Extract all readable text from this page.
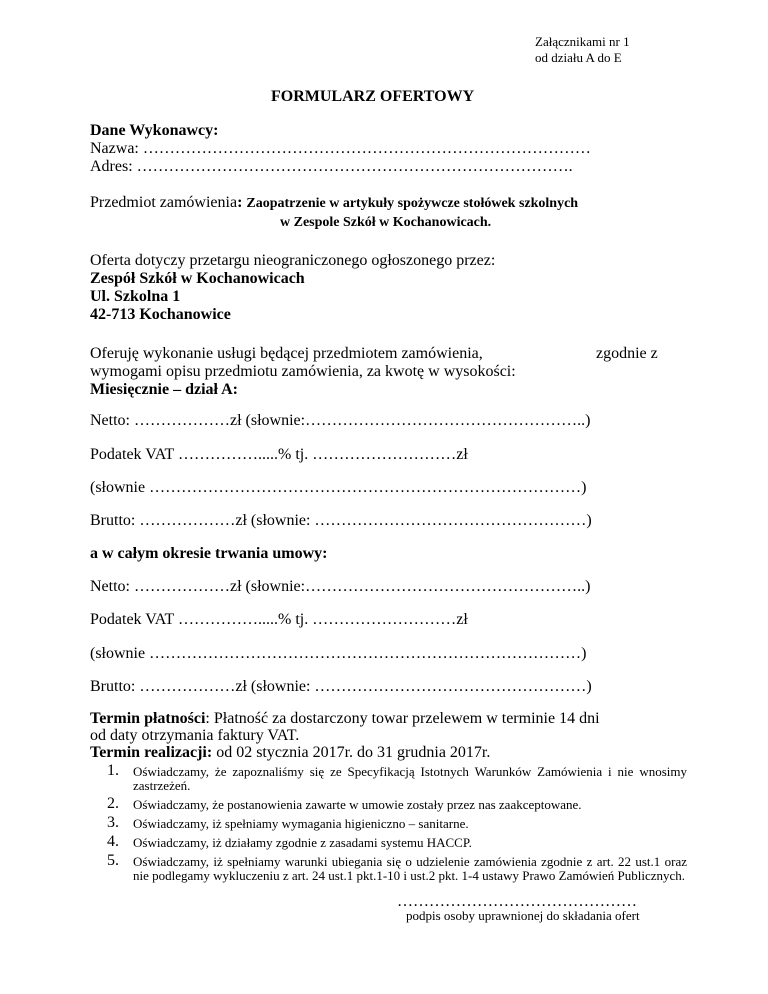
Załącznikami nr 1
od działu A do E
FORMULARZ OFERTOWY
Dane Wykonawcy:
Nazwa: …………………………………………………………………………
Adres: ……………………………………………………………………….
Przedmiot zamówienia: Zaopatrzenie w artykuły spożywcze stołówek szkolnych
w Zespole Szkół w Kochanowicach.
Oferta dotyczy przetargu nieograniczonego ogłoszonego przez:
Zespół Szkół w Kochanowicach
Ul. Szkolna 1
42-713 Kochanowice
Oferuję wykonanie usługi będącej przedmiotem zamówienia,	zgodnie z
wymogami opisu przedmiotu zamówienia, za kwotę w wysokości:
Miesięcznie – dział A:
Netto: ………………zł (słownie:……………………………………………..)
Podatek VAT …………….....% tj. ………………………zł
(słownie ………………………………………………………………………)
Brutto: ………………zł (słownie: ……………………………………………)
a w całym okresie trwania umowy:
Netto: ………………zł (słownie:……………………………………………..)
Podatek VAT …………….....% tj. ………………………zł
(słownie ………………………………………………………………………)
Brutto: ………………zł (słownie: ……………………………………………)
Termin płatności: Płatność za dostarczony towar przelewem w terminie 14 dni
od daty otrzymania faktury VAT.
Termin realizacji: od 02 stycznia 2017r. do 31 grudnia 2017r.
1. Oświadczamy, że zapoznaliśmy się ze Specyfikacją Istotnych Warunków Zamówienia i nie wnosimy zastrzeżeń.
2. Oświadczamy, że postanowienia zawarte w umowie zostały przez nas zaakceptowane.
3. Oświadczamy, iż spełniamy wymagania higieniczno – sanitarne.
4. Oświadczamy, iż działamy zgodnie z zasadami systemu HACCP.
5. Oświadczamy, iż spełniamy warunki ubiegania się o udzielenie zamówienia zgodnie z art. 22 ust.1 oraz nie podlegamy wykluczeniu z art. 24 ust.1 pkt.1-10 i ust.2 pkt. 1-4 ustawy Prawo Zamówień Publicznych.
………………………………………
podpis osoby uprawnionej do składania ofert
